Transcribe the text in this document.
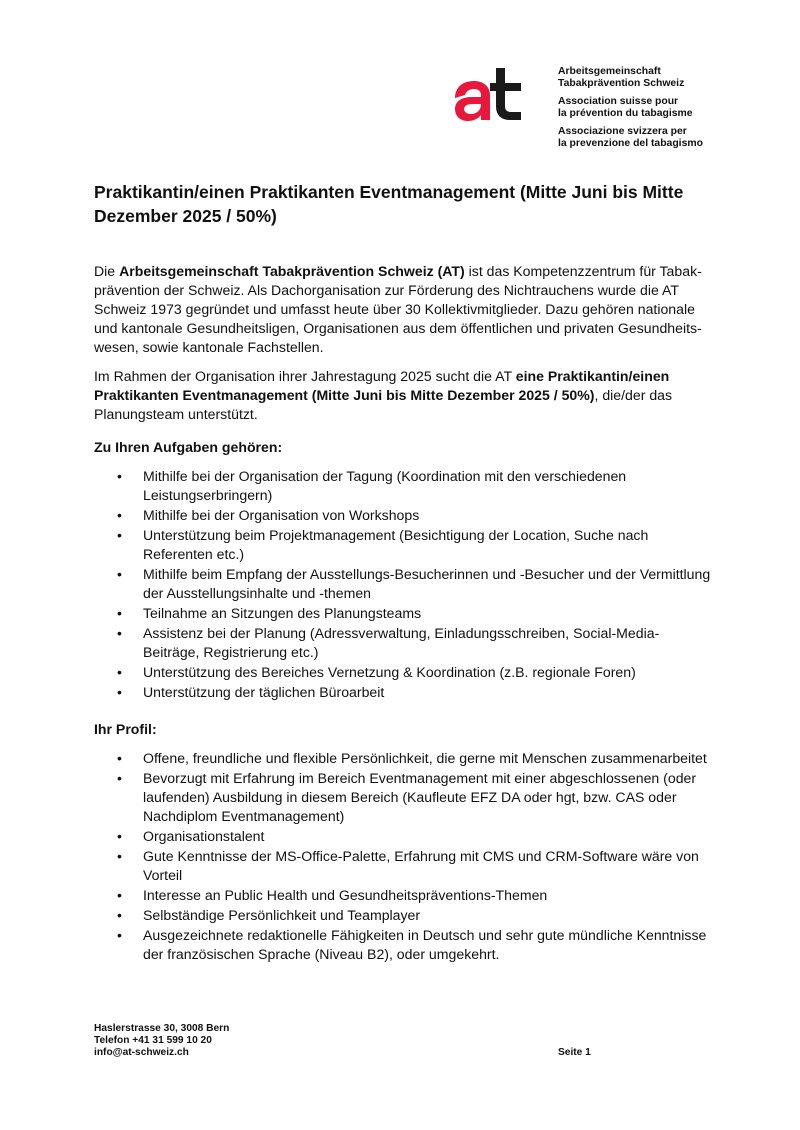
Arbeitsgemeinschaft
Tabakprävention Schweiz
Association suisse pour
la prévention du tabagisme
Associazione svizzera per
la prevenzione del tabagismo
Praktikantin/einen Praktikanten Eventmanagement (Mitte Juni bis Mitte Dezember 2025 / 50%)

Die Arbeitsgemeinschaft Tabakprävention Schweiz (AT) ist das Kompetenzzentrum für Tabak-prävention der Schweiz. Als Dachorganisation zur Förderung des Nichtrauchens wurde die AT Schweiz 1973 gegründet und umfasst heute über 30 Kollektivmitglieder. Dazu gehören nationale und kantonale Gesundheitsligen, Organisationen aus dem öffentlichen und privaten Gesundheits-wesen, sowie kantonale Fachstellen.

Im Rahmen der Organisation ihrer Jahrestagung 2025 sucht die AT eine Praktikantin/einen Praktikanten Eventmanagement (Mitte Juni bis Mitte Dezember 2025 / 50%), die/der das Planungsteam unterstützt.

Zu Ihren Aufgaben gehören:
• Mithilfe bei der Organisation der Tagung (Koordination mit den verschiedenen Leistungserbringern)
• Mithilfe bei der Organisation von Workshops
• Unterstützung beim Projektmanagement (Besichtigung der Location, Suche nach Referenten etc.)
• Mithilfe beim Empfang der Ausstellungs-Besucherinnen und -Besucher und der Vermittlung der Ausstellungsinhalte und -themen
• Teilnahme an Sitzungen des Planungsteams
• Assistenz bei der Planung (Adressverwaltung, Einladungsschreiben, Social-Media-Beiträge, Registrierung etc.)
• Unterstützung des Bereiches Vernetzung & Koordination (z.B. regionale Foren)
• Unterstützung der täglichen Büroarbeit
Ihr Profil:
• Offene, freundliche und flexible Persönlichkeit, die gerne mit Menschen zusammenarbeitet
• Bevorzugt mit Erfahrung im Bereich Eventmanagement mit einer abgeschlossenen (oder laufenden) Ausbildung in diesem Bereich (Kaufleute EFZ DA oder hgt, bzw. CAS oder Nachdiplom Eventmanagement)
• Organisationstalent
• Gute Kenntnisse der MS-Office-Palette, Erfahrung mit CMS und CRM-Software wäre von Vorteil
• Interesse an Public Health und Gesundheitspräventions-Themen
• Selbständige Persönlichkeit und Teamplayer
• Ausgezeichnete redaktionelle Fähigkeiten in Deutsch und sehr gute mündliche Kenntnisse der französischen Sprache (Niveau B2), oder umgekehrt.
Haslerstrasse 30, 3008 Bern
Telefon +41 31 599 10 20
info@at-schweiz.ch	Seite 1
